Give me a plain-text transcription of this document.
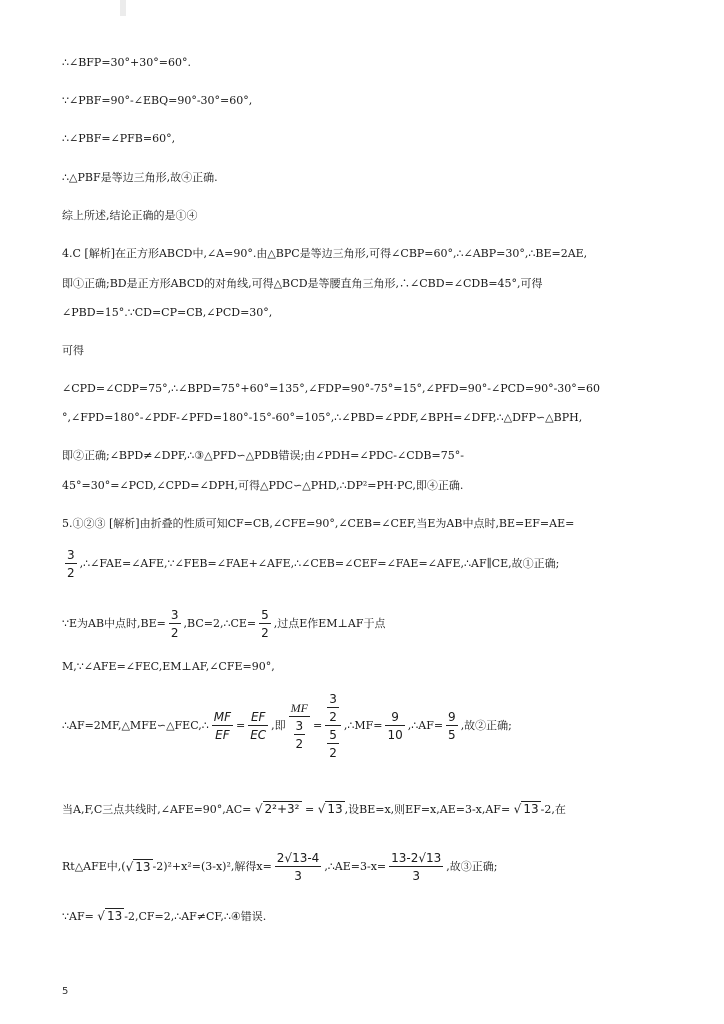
∴∠BFP=30°+30°=60°.
∵∠PBF=90°-∠EBQ=90°-30°=60°,
∴∠PBF=∠PFB=60°,
∴△PBF是等边三角形,故④正确.
综上所述,结论正确的是①④
4.C [解析]在正方形ABCD中,∠A=90°.由△BPC是等边三角形,可得∠CBP=60°,∴∠ABP=30°,∴BE=2AE,
即①正确;BD是正方形ABCD的对角线,可得△BCD是等腰直角三角形,∴∠CBD=∠CDB=45°,可得
∠PBD=15°.∵CD=CP=CB,∠PCD=30°,
可得
∠CPD=∠CDP=75°,∴∠BPD=75°+60°=135°,∠FDP=90°-75°=15°,∠PFD=90°-∠PCD=90°-30°=60
°,∠FPD=180°-∠PDF-∠PFD=180°-15°-60°=105°,∴∠PBD=∠PDF,∠BPH=∠DFP,∴△DFP∽△BPH,
即②正确;∠BPD≠∠DPF,∴③△PFD∽△PDB错误;由∠PDH=∠PDC-∠CDB=75°-
45°=30°=∠PCD,∠CPD=∠DPH,可得△PDC∽△PHD,∴DP²=PH·PC,即④正确.
5.①②③ [解析]由折叠的性质可知CF=CB,∠CFE=90°,∠CEB=∠CEF,当E为AB中点时,BE=EF=AE=
$\frac{3}{2}$ ,∴∠FAE=∠AFE,∵∠FEB=∠FAE+∠AFE,∴∠CEB=∠CEF=∠FAE=∠AFE,∴AF∥CE,故①正确;
∵E为AB中点时$,BE= \frac{3}{2}$ ,BC=2,∴CE= $\frac{5}{2}$ ,过点E作EM⊥AF于点
M,∵∠AFE=∠FEC,EM⊥AF,∠CFE=90°,
∴AF=2MF,△MFE∽△FEC,∴ $\frac{MF}{EF} = \frac{EF}{EC}$ ,即 $\frac{MF}{\frac{3}{2}} = \frac{\frac{3}{2}}{\frac{5}{2}}$ ,∴MF= $\frac{9}{10}$ ,∴AF= $\frac{9}{5}$ ,故②正确;
当A,F,C三点共线时,∠AFE=90°,AC= √ 2²+3² = √ 13 ,设BE=x,则EF=x,AE=3-x,AF= √ 13 -2,在
Rt△AFE中,(√ 13 -2)²+x²=(3-x)²,解得$x= \frac{2√13-4}{3}$ ,∴AE=3-x= $\frac{13-2√13}{3}$ ,故③正确;
∵AF= √ 13 -2,CF=2,∴AF≠CF,∴④错误.
5
